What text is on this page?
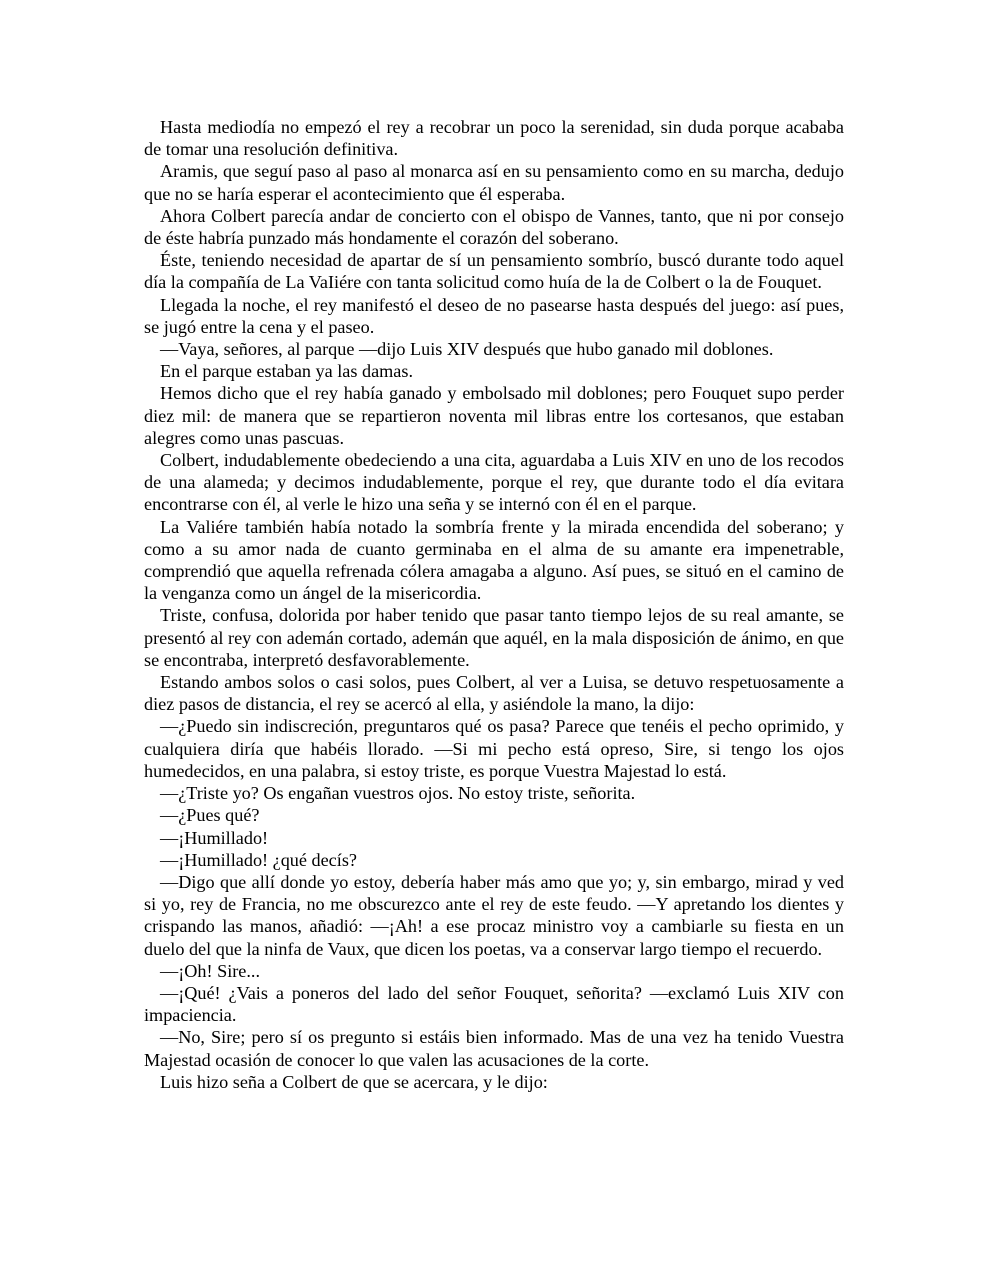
Hasta mediodía no empezó el rey a recobrar un poco la serenidad, sin duda porque acababa de tomar una resolución definitiva.

Aramis, que seguí paso al paso al monarca así en su pensamiento como en su marcha, dedujo que no se haría esperar el acontecimiento que él esperaba.

Ahora Colbert parecía andar de concierto con el obispo de Vannes, tanto, que ni por consejo de éste habría punzado más hondamente el corazón del soberano.

Éste, teniendo necesidad de apartar de sí un pensamiento sombrío, buscó durante todo aquel día la compañía de La VaIiére con tanta solicitud como huía de la de Colbert o la de Fouquet.

Llegada la noche, el rey manifestó el deseo de no pasearse hasta después del juego: así pues, se jugó entre la cena y el paseo.

—Vaya, señores, al parque —dijo Luis XIV después que hubo ganado mil doblones.

En el parque estaban ya las damas.

Hemos dicho que el rey había ganado y embolsado mil doblones; pero Fouquet supo perder diez mil: de manera que se repartieron noventa mil libras entre los cortesanos, que estaban alegres como unas pascuas.

Colbert, indudablemente obedeciendo a una cita, aguardaba a Luis XIV en uno de los recodos de una alameda; y decimos indudablemente, porque el rey, que durante todo el día evitara encontrarse con él, al verle le hizo una seña y se internó con él en el parque.

La Valiére también había notado la sombría frente y la mirada encendida del soberano; y como a su amor nada de cuanto germinaba en el alma de su amante era impenetrable, comprendió que aquella refrenada cólera amagaba a alguno. Así pues, se situó en el camino de la venganza como un ángel de la misericordia.

Triste, confusa, dolorida por haber tenido que pasar tanto tiempo lejos de su real amante, se presentó al rey con ademán cortado, ademán que aquél, en la mala disposición de ánimo, en que se encontraba, interpretó desfavorablemente.

Estando ambos solos o casi solos, pues Colbert, al ver a Luisa, se detuvo respetuosamente a diez pasos de distancia, el rey se acercó al ella, y asiéndole la mano, la dijo:

—¿Puedo sin indiscreción, preguntaros qué os pasa? Parece que tenéis el pecho oprimido, y cualquiera diría que habéis llorado. —Si mi pecho está opreso, Sire, si tengo los ojos humedecidos, en una palabra, si estoy triste, es porque Vuestra Majestad lo está.

—¿Triste yo? Os engañan vuestros ojos. No estoy triste, señorita.

—¿Pues qué?

—¡Humillado!

—¡Humillado! ¿qué decís?

—Digo que allí donde yo estoy, debería haber más amo que yo; y, sin embargo, mirad y ved si yo, rey de Francia, no me obscurezco ante el rey de este feudo. —Y apretando los dientes y crispando las manos, añadió: —¡Ah! a ese procaz ministro voy a cambiarle su fiesta en un duelo del que la ninfa de Vaux, que dicen los poetas, va a conservar largo tiempo el recuerdo.

—¡Oh! Sire...

—¡Qué! ¿Vais a poneros del lado del señor Fouquet, señorita? —exclamó Luis XIV con impaciencia.

—No, Sire; pero sí os pregunto si estáis bien informado. Mas de una vez ha tenido Vuestra Majestad ocasión de conocer lo que valen las acusaciones de la corte.

Luis hizo seña a Colbert de que se acercara, y le dijo:
